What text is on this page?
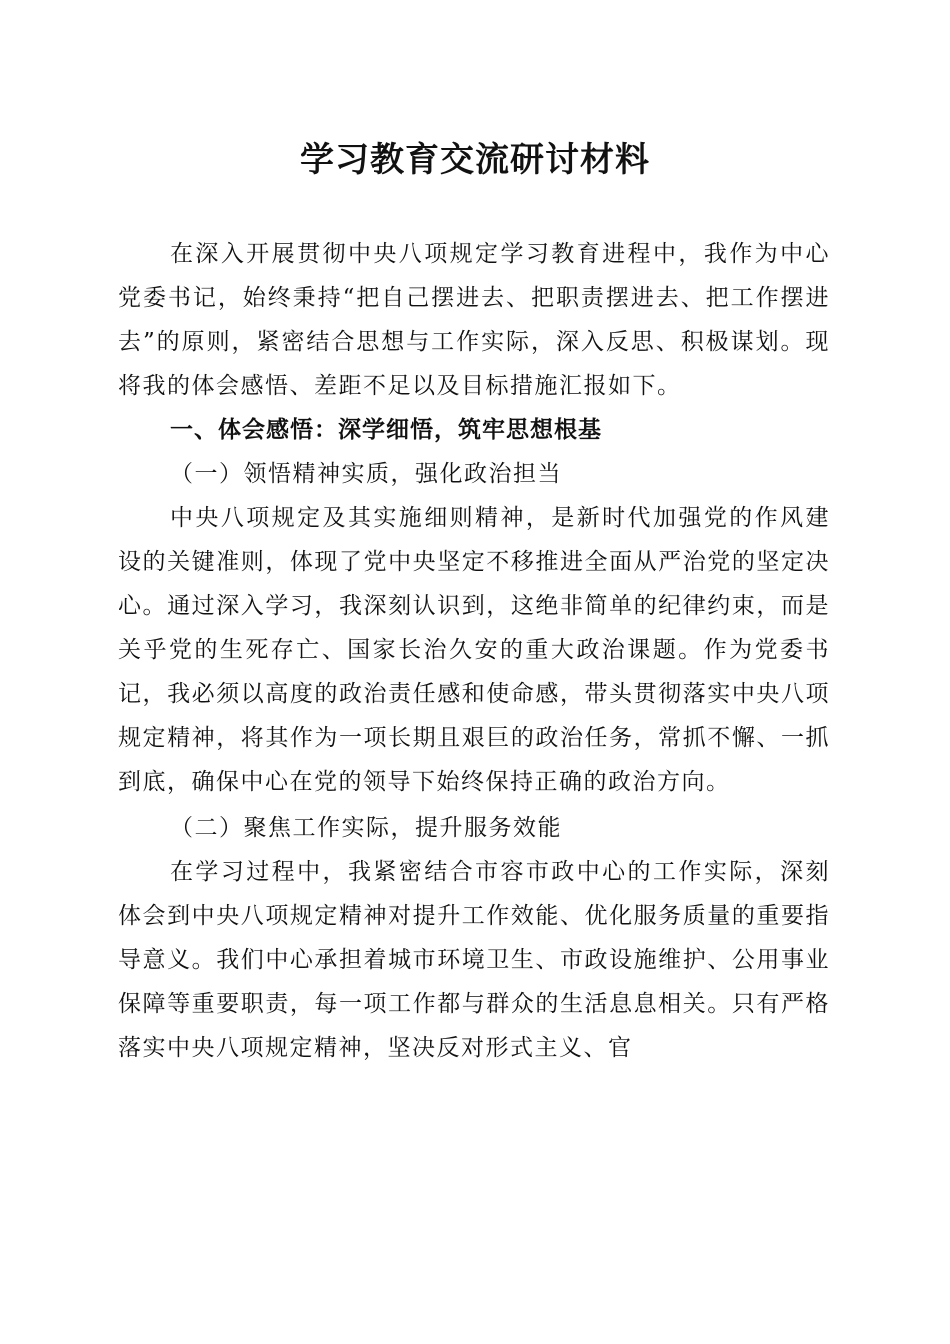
学习教育交流研讨材料

在深入开展贯彻中央八项规定学习教育进程中，我作为中心党委书记，始终秉持“把自己摆进去、把职责摆进去、把工作摆进去”的原则，紧密结合思想与工作实际，深入反思、积极谋划。现将我的体会感悟、差距不足以及目标措施汇报如下。

一、体会感悟：深学细悟，筑牢思想根基

（一）领悟精神实质，强化政治担当

中央八项规定及其实施细则精神，是新时代加强党的作风建设的关键准则，体现了党中央坚定不移推进全面从严治党的坚定决心。通过深入学习，我深刻认识到，这绝非简单的纪律约束，而是关乎党的生死存亡、国家长治久安的重大政治课题。作为党委书记，我必须以高度的政治责任感和使命感，带头贯彻落实中央八项规定精神，将其作为一项长期且艰巨的政治任务，常抓不懈、一抓到底，确保中心在党的领导下始终保持正确的政治方向。

（二）聚焦工作实际，提升服务效能

在学习过程中，我紧密结合市容市政中心的工作实际，深刻体会到中央八项规定精神对提升工作效能、优化服务质量的重要指导意义。我们中心承担着城市环境卫生、市政设施维护、公用事业保障等重要职责，每一项工作都与群众的生活息息相关。只有严格落实中央八项规定精神，坚决反对形式主义、官
